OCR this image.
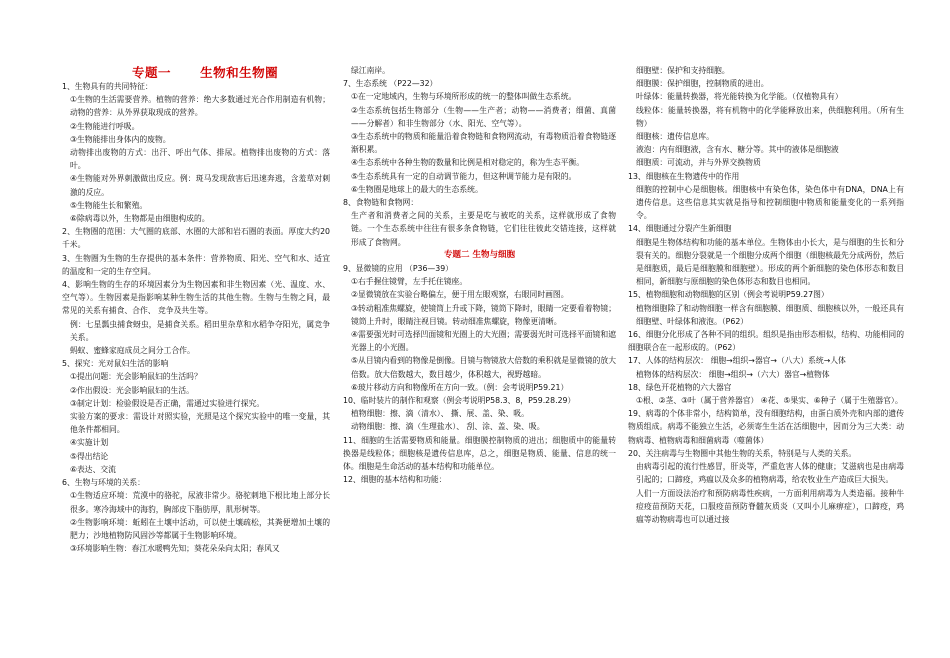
专题一      生物和生物圈

1、生物具有的共同特征：

①生物的生活需要营养。植物的营养：绝大多数通过光合作用制造有机物；动物的营养：从外界获取现成的营养。

②生物能进行呼吸。

③生物能排出身体内的废物。

动物排出废物的方式：出汗、呼出气体、排尿。植物排出废物的方式：落叶。

④生物能对外界刺激做出反应。例：斑马发现敌害后迅速奔逃，含羞草对刺激的反应。

⑤生物能生长和繁殖。

⑥除病毒以外，生物都是由细胞构成的。

2、生物圈的范围：大气圈的底部、水圈的大部和岩石圈的表面。厚度大约20千米。

3、生物圈为生物的生存提供的基本条件：营养物质、阳光、空气和水、适宜的温度和一定的生存空间。

4、影响生物的生存的环境因素分为生物因素和非生物因素（光、温度、水、空气等）。生物因素是指影响某种生物生活的其他生物。生物与生物之间，最常见的关系有捕食、合作、 竞争及共生等。

例：七星瓢虫捕食蚜虫，是捕食关系。稻田里杂草和水稻争夺阳光，属竞争关系。

蚂蚁、蜜蜂家庭成员之间分工合作。

5、探究：光对鼠妇生活的影响

①提出问题：光会影响鼠妇的生活吗？

②作出假设：光会影响鼠妇的生活。

③制定计划：检验假设是否正确，需通过实验进行探究。

实验方案的要求：需设计对照实验，光照是这个探究实验中的唯一变量，其他条件都相同。

④实施计划

⑤得出结论

⑥表达、交流

6、生物与环境的关系：

①生物适应环境：荒漠中的骆驼，尿液非常少。骆驼刺地下根比地上部分长很多。寒冷海域中的海豹，胸部皮下脂肪厚，肌形树等。

②生物影响环境：蚯蚓在土壤中活动，可以使土壤疏松，其粪便增加土壤的肥力；沙地植物防风固沙等都属于生物影响环境。

③环境影响生物：春江水暖鸭先知；葵花朵朵向太阳；春风又

绿江南岸。

7、生态系统 （P22—32）

①在一定地域内，生物与环境所形成的统一的整体叫做生态系统。

②生态系统包括生物部分（生物——生产者；动物——消费者；细菌、真菌——分解者）和非生物部分（水、阳光、空气等）。

③生态系统中的物质和能量沿着食物链和食物网流动，有毒物质沿着食物链逐渐积累。

④生态系统中各种生物的数量和比例是相对稳定的，称为生态平衡。

⑤生态系统具有一定的自动调节能力，但这种调节能力是有限的。

⑥生物圈是地球上的最大的生态系统。

8、食物链和食物网：

生产者和消费者之间的关系，主要是吃与被吃的关系，这样就形成了食物链。一个生态系统中往往有很多条食物链，它们往往彼此交错连接，这样就形成了食物网。

专题二 生物与细胞

9、显微镜的应用 （P36—39）

①右手握住镜臂，左手托住镜座。

②显微镜放在实验台略偏左，便于用左眼观察，右眼同时画图。

③转动粗准焦螺旋，使镜筒上升或下降，镜筒下降时，眼睛一定要看着物镜；镜筒上升时，眼睛注视目镜。转动细准焦螺旋，物像更清晰。

④需要强光时可选择凹面镜和光圈上的大光圈；需要弱光时可选择平面镜和遮光器上的小光圈。

⑤从目镜内看到的物像是倒像。目镜与物镜放大倍数的乘积就是显微镜的放大倍数。放大倍数越大，数目越少，体积越大，视野越暗。

⑥玻片移动方向和物像所在方向一致。（例：会考说明P59.21）

10、临时装片的制作和观察（例会考说明P58.3、8，P59.28.29）

植物细胞：擦、滴（清水）、 撕、展、盖、染、吸。

动物细胞：擦、滴（生理盐水）、 刮、涂、盖、染、吸。

11、细胞的生活需要物质和能量。细胞膜控制物质的进出；细胞质中的能量转换器是线粒体；细胞核是遗传信息库，总之，细胞是物质、能量、信息的统一体。细胞是生命活动的基本结构和功能单位。

12、细胞的基本结构和功能：

细胞壁：保护和支持细胞。

细胞膜：保护细胞，控制物质的进出。

叶绿体：能量转换器，将光能转换为化学能。（仅植物具有）

线粒体：能量转换器，将有机物中的化学能释放出来，供细胞利用。（所有生物）

细胞核：遗传信息库。

液泡：内有细胞液，含有水、糖分等。其中的液体是细胞液

细胞质：可流动，并与外界交换物质

13、细胞核在生物遗传中的作用

细胞的控制中心是细胞核。细胞核中有染色体，染色体中有DNA，DNA上有遗传信息。这些信息其实就是指导和控制细胞中物质和能量变化的一系列指令。

14、细胞通过分裂产生新细胞

细胞是生物体结构和功能的基本单位。生物体由小长大，是与细胞的生长和分裂有关的。细胞分裂就是一个细胞分成两个细胞（细胞核最先分成两份，然后是细胞质，最后是细胞膜和细胞壁）。形成的两个新细胞的染色体形态和数目相同，新细胞与原细胞的染色体形态和数目也相同。

15、植物细胞和动物细胞的区别（例会考说明P59.27图）

植物细胞除了和动物细胞一样含有细胞膜、细胞质、细胞核以外，一般还具有细胞壁、叶绿体和液泡。（P62）

16、细胞分化形成了各种不同的组织。组织是指由形态相似，结构、功能相同的细胞联合在一起形成的。（P62）

17、人体的结构层次： 细胞→组织→器官→（八大）系统→人体

植物体的结构层次： 细胞→组织→（六大）器官→植物体

18、绿色开花植物的六大器官

①根、②茎、③叶（属于营养器官） ④花、⑤果实、⑥种子（属于生殖器官）。

19、病毒的个体非常小，结构简单，没有细胞结构，由蛋白质外壳和内部的遗传物质组成。病毒不能独立生活，必须寄生生活在活细胞中，因而分为三大类：动物病毒、植物病毒和细菌病毒（噬菌体）

20、关注病毒与生物圈中其他生物的关系，特别是与人类的关系。

由病毒引起的流行性感冒，肝炎等，严重危害人体的健康；艾滋病也是由病毒引起的；口蹄疫，鸡瘟以及众多的植物病毒，给农牧业生产造成巨大损失。

人们一方面设法治疗和预防病毒性疾病，一方面利用病毒为人类造福。接种牛痘疫苗预防天花，口服疫苗预防脊髓灰质炎（又叫小儿麻痹症），口蹄疫，鸡瘟等动物病毒也可以通过接
